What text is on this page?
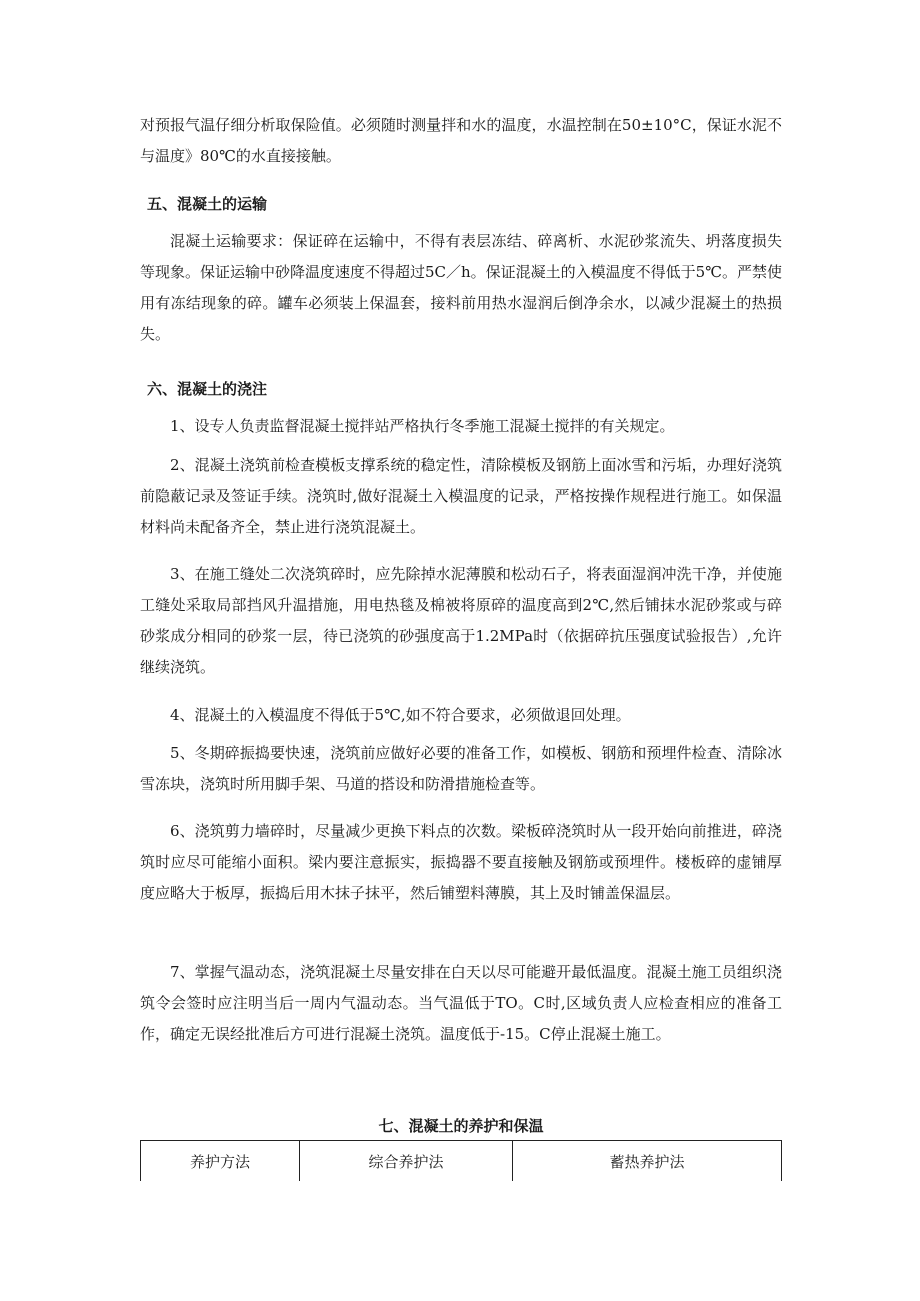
对预报气温仔细分析取保险值。必须随时测量拌和水的温度，水温控制在50±10°C，保证水泥不与温度》80℃的水直接接触。

五、混凝土的运输

混凝土运输要求：保证碎在运输中，不得有表层冻结、碎离析、水泥砂浆流失、坍落度损失等现象。保证运输中砂降温度速度不得超过5C／h。保证混凝土的入模温度不得低于5℃。严禁使用有冻结现象的碎。罐车必须装上保温套，接料前用热水湿润后倒净余水，以减少混凝土的热损失。

六、混凝土的浇注

1、设专人负责监督混凝土搅拌站严格执行冬季施工混凝土搅拌的有关规定。

2、混凝土浇筑前检查模板支撑系统的稳定性，清除模板及钢筋上面冰雪和污垢，办理好浇筑前隐蔽记录及签证手续。浇筑时,做好混凝土入模温度的记录，严格按操作规程进行施工。如保温材料尚未配备齐全，禁止进行浇筑混凝土。

3、在施工缝处二次浇筑碎时，应先除掉水泥薄膜和松动石子，将表面湿润冲洗干净，并使施工缝处采取局部挡风升温措施，用电热毯及棉被将原碎的温度高到2℃,然后铺抹水泥砂浆或与碎砂浆成分相同的砂浆一层，待已浇筑的砂强度高于1.2MPa时（依据碎抗压强度试验报告）,允许继续浇筑。

4、混凝土的入模温度不得低于5℃,如不符合要求，必须做退回处理。

5、冬期碎振捣要快速，浇筑前应做好必要的准备工作，如模板、钢筋和预埋件检查、清除冰雪冻块，浇筑时所用脚手架、马道的搭设和防滑措施检查等。

6、浇筑剪力墙碎时，尽量减少更换下料点的次数。梁板碎浇筑时从一段开始向前推进，碎浇筑时应尽可能缩小面积。梁内要注意振实，振捣器不要直接触及钢筋或预埋件。楼板碎的虚铺厚度应略大于板厚，振捣后用木抹子抹平，然后铺塑料薄膜，其上及时铺盖保温层。

7、掌握气温动态，浇筑混凝土尽量安排在白天以尽可能避开最低温度。混凝土施工员组织浇筑令会签时应注明当后一周内气温动态。当气温低于TO。C时,区域负责人应检查相应的准备工作，确定无误经批准后方可进行混凝土浇筑。温度低于-15。C停止混凝土施工。

七、混凝土的养护和保温
养护方法	综合养护法	蓄热养护法
